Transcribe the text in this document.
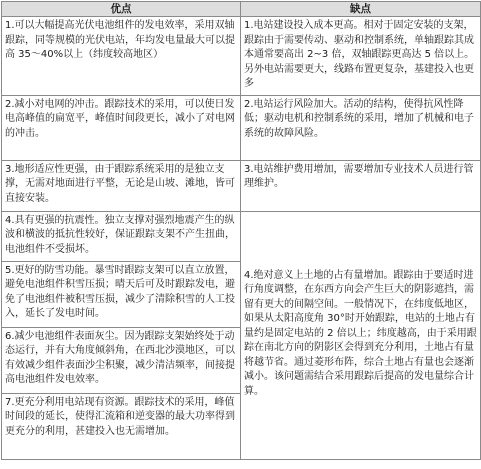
优点	缺点
1.可以大幅提高光伏电池组件的发电效率，采用双轴跟踪，同等规模的光伏电站，年均发电量最大可以提高 35～40%以上（纬度较高地区）	1.电站建设投入成本更高。相对于固定安装的支架，跟踪由于需要传动、驱动和控制系统，单轴跟踪其成本通常要高出 2~3 倍，双轴跟踪更高达 5 倍以上。另外电站需要更大，线路布置更复杂，基建投入也更多
2.减小对电网的冲击。跟踪技术的采用，可以使日发电高峰值的扁宽平，峰值时间段更长，减小了对电网的冲击。	2.电站运行风险加大。活动的结构，使得抗风性降低；驱动电机和控制系统的采用，增加了机械和电子系统的故障风险。
3.地形适应性更强，由于跟踪系统采用的是独立支撑，无需对地面进行平整，无论是山坡、滩地，皆可直接安装。	3.电站维护费用增加，需要增加专业技术人员进行管理维护。
4.具有更强的抗震性。独立支撑对强烈地震产生的纵波和横波的抵抗性较好，保证跟踪支架不产生扭曲，电池组件不受损坏。	4.绝对意义上土地的占有量增加。跟踪由于要适时进行角度调整，在东西方向会产生巨大的阴影遮挡，需留有更大的间隔空间。一般情况下，在纬度低地区，如果从太阳高度角 30°时开始跟踪，电站的土地占有量约是固定电站的 2 倍以上；纬度越高，由于采用跟踪在南北方向的阴影区会得到充分利用，土地占有量将越节省。通过菱形布阵，综合土地占有量也会逐渐减小。该问题需结合采用跟踪后提高的发电量综合计算。
5.更好的防雪功能。暴雪时跟踪支架可以直立放置，避免电池组件积雪压损；晴天后可及时跟踪发电，避免了电池组件被积雪压损，减少了清除积雪的人工投入，延长了发电时间。	
6.减少电池组件表面灰尘。因为跟踪支架始终处于动态运行，并有大角度倾斜角，在西北沙漠地区，可以有效减少组件表面沙尘积聚，减少清洁频率，间接提高电池组件发电效率。	
7.更充分利用电站现有资源。跟踪技术的采用，峰值时间段的延长，使得汇流箱和逆变器的最大功率得到更充分的利用，甚建投入也无需增加。	
